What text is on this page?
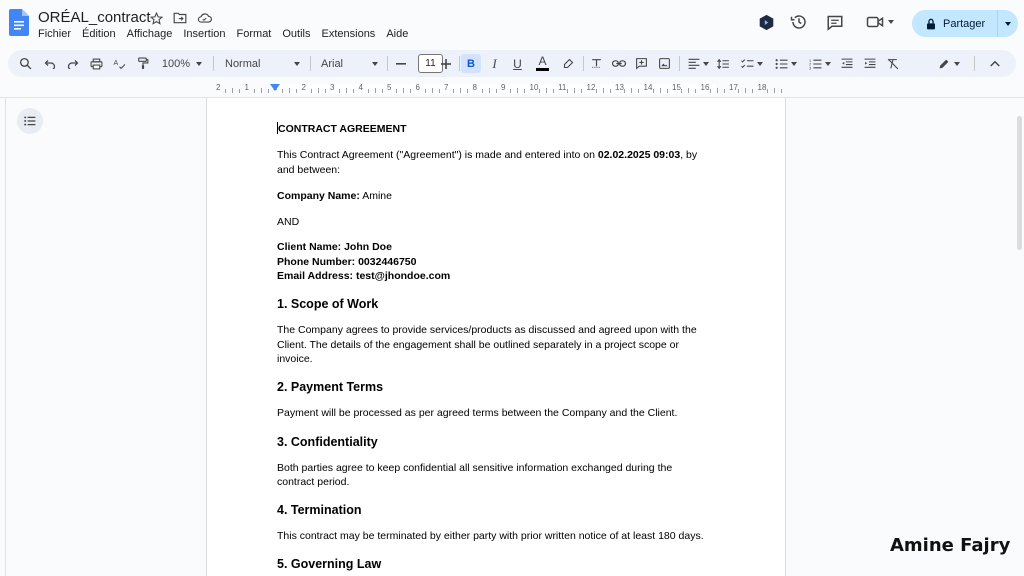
ORÉAL_contract
Fichier	Édition	Affichage	Insertion	Format	Outils	Extensions	Aide
Partager
A	100%	Normal	Arial	11	B	I	U	A	1
2
3
2	1	1	2	3	4	5	6	7	8	9	10 11	12 13 14 15 16 17 18

CONTRACT AGREEMENT

This Contract Agreement ("Agreement") is made and entered into on 02.02.2025 09:03, by

and between:

Company Name: Amine

AND

Client Name: John Doe

Phone Number: 0032446750

Email Address: test@jhondoe.com

1. Scope of Work

The Company agrees to provide services/products as discussed and agreed upon with the

Client. The details of the engagement shall be outlined separately in a project scope or

invoice.

2. Payment Terms

Payment will be processed as per agreed terms between the Company and the Client.

3. Confidentiality

Both parties agree to keep confidential all sensitive information exchanged during the

contract period.

4. Termination

This contract may be terminated by either party with prior written notice of at least 180 days.

5. Governing Law
Amine Fajry
